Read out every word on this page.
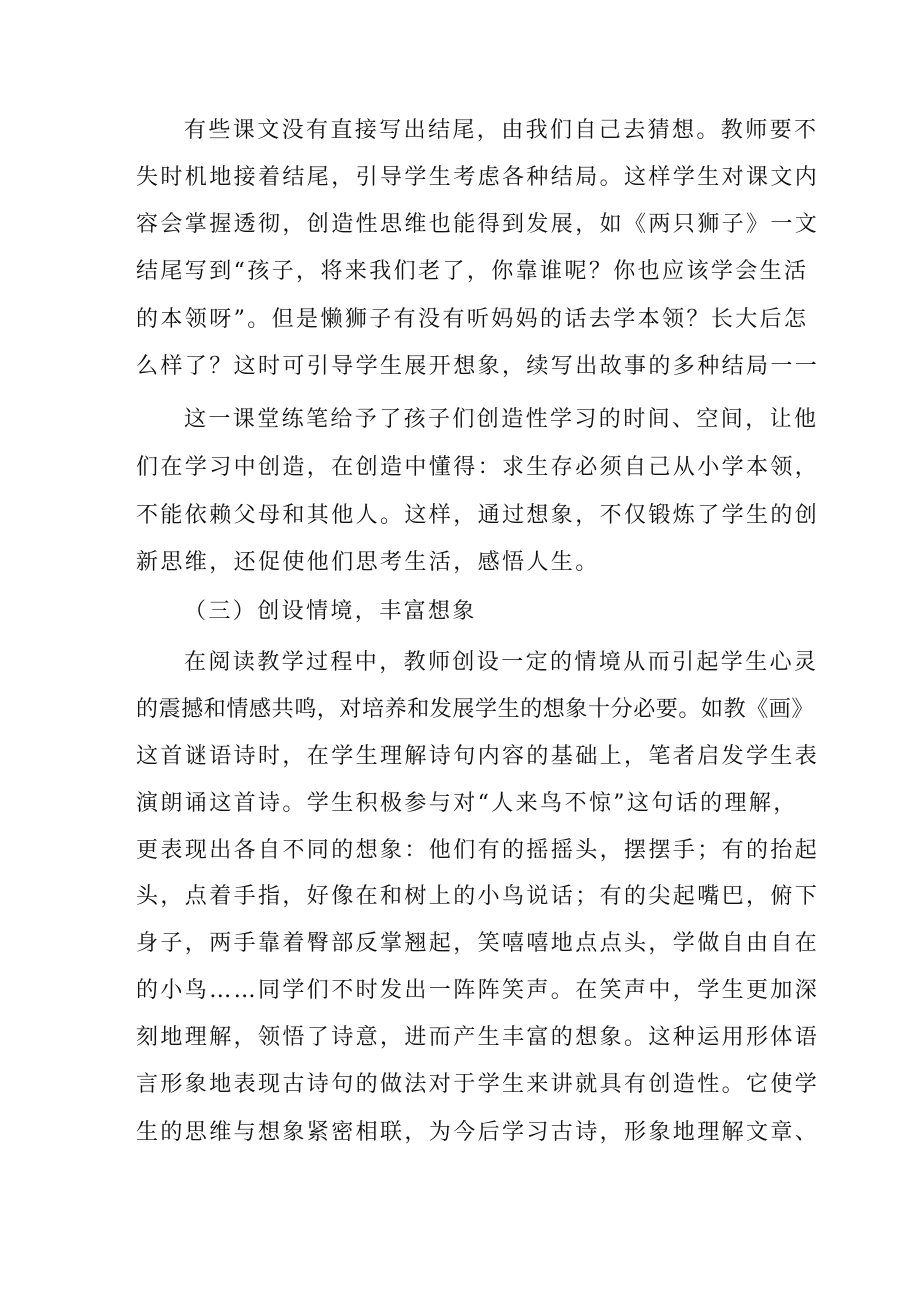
有些课文没有直接写出结尾，由我们自己去猜想。教师要不
失时机地接着结尾，引导学生考虑各种结局。这样学生对课文内
容会掌握透彻，创造性思维也能得到发展，如《两只狮子》一文
结尾写到“孩子，将来我们老了，你靠谁呢？你也应该学会生活
的本领呀”。但是懒狮子有没有听妈妈的话去学本领？长大后怎
么样了？这时可引导学生展开想象，续写出故事的多种结局一一
这一课堂练笔给予了孩子们创造性学习的时间、空间，让他
们在学习中创造，在创造中懂得：求生存必须自己从小学本领，
不能依赖父母和其他人。这样，通过想象，不仅锻炼了学生的创
新思维，还促使他们思考生活，感悟人生。
（三）创设情境，丰富想象
在阅读教学过程中，教师创设一定的情境从而引起学生心灵
的震撼和情感共鸣，对培养和发展学生的想象十分必要。如教《画》
这首谜语诗时，在学生理解诗句内容的基础上，笔者启发学生表
演朗诵这首诗。学生积极参与对“人来鸟不惊”这句话的理解，
更表现出各自不同的想象：他们有的摇摇头，摆摆手；有的抬起
头，点着手指，好像在和树上的小鸟说话；有的尖起嘴巴，俯下
身子，两手靠着臀部反掌翘起，笑嘻嘻地点点头，学做自由自在
的小鸟……同学们不时发出一阵阵笑声。在笑声中，学生更加深
刻地理解，领悟了诗意，进而产生丰富的想象。这种运用形体语
言形象地表现古诗句的做法对于学生来讲就具有创造性。它使学
生的思维与想象紧密相联，为今后学习古诗，形象地理解文章、
